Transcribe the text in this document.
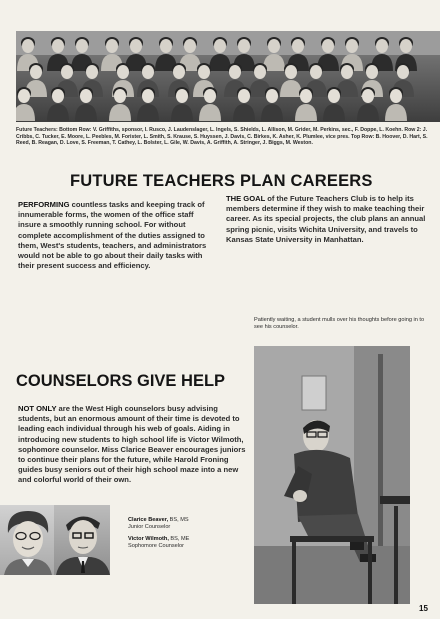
Future Teachers: Bottom Row: V. Griffiths, sponsor, I. Rusco, J. Laudenslager, L. Ingels, S. Shields, L. Allison, M. Grider, M. Perkins, sec., F. Doppe, L. Koehn. Row 2: J. Cribbs, C. Tucker, E. Moore, L. Peebles, M. Forister, L. Smith, S. Krause, S. Huyssen, J. Davis, C. Birkes, K. Asher, K. Plumlee, vice pres. Top Row: B. Hoover, D. Hart, S. Reed, B. Reagan, D. Love, S. Freeman, T. Cathey, L. Bolster, L. Gile, W. Davis, A. Griffith, A. Stringer, J. Biggs, M. Weston.
FUTURE TEACHERS PLAN CAREERS
PERFORMING countless tasks and keeping track of innumerable forms, the women of the office staff insure a smoothly running school. For without complete accomplishment of the duties assigned to them, West's students, teachers, and administrators would not be able to go about their daily tasks with their present success and efficiency.
THE GOAL of the Future Teachers Club is to help its members determine if they wish to make teaching their career. As its special projects, the club plans an annual spring picnic, visits Wichita University, and travels to Kansas State University in Manhattan.
Patiently waiting, a student mulls over his thoughts before going in to see his counselor.
COUNSELORS GIVE HELP
NOT ONLY are the West High counselors busy advising students, but an enormous amount of their time is devoted to leading each individual through his web of goals. Aiding in introducing new students to high school life is Victor Wilmoth, sophomore counselor. Miss Clarice Beaver encourages juniors to continue their plans for the future, while Harold Froning guides busy seniors out of their high school maze into a new and colorful world of their own.
Clarice Beaver, BS, MS
Junior Counselor
Victor Wilmoth, BS, ME
Sophomore Counselor
15
